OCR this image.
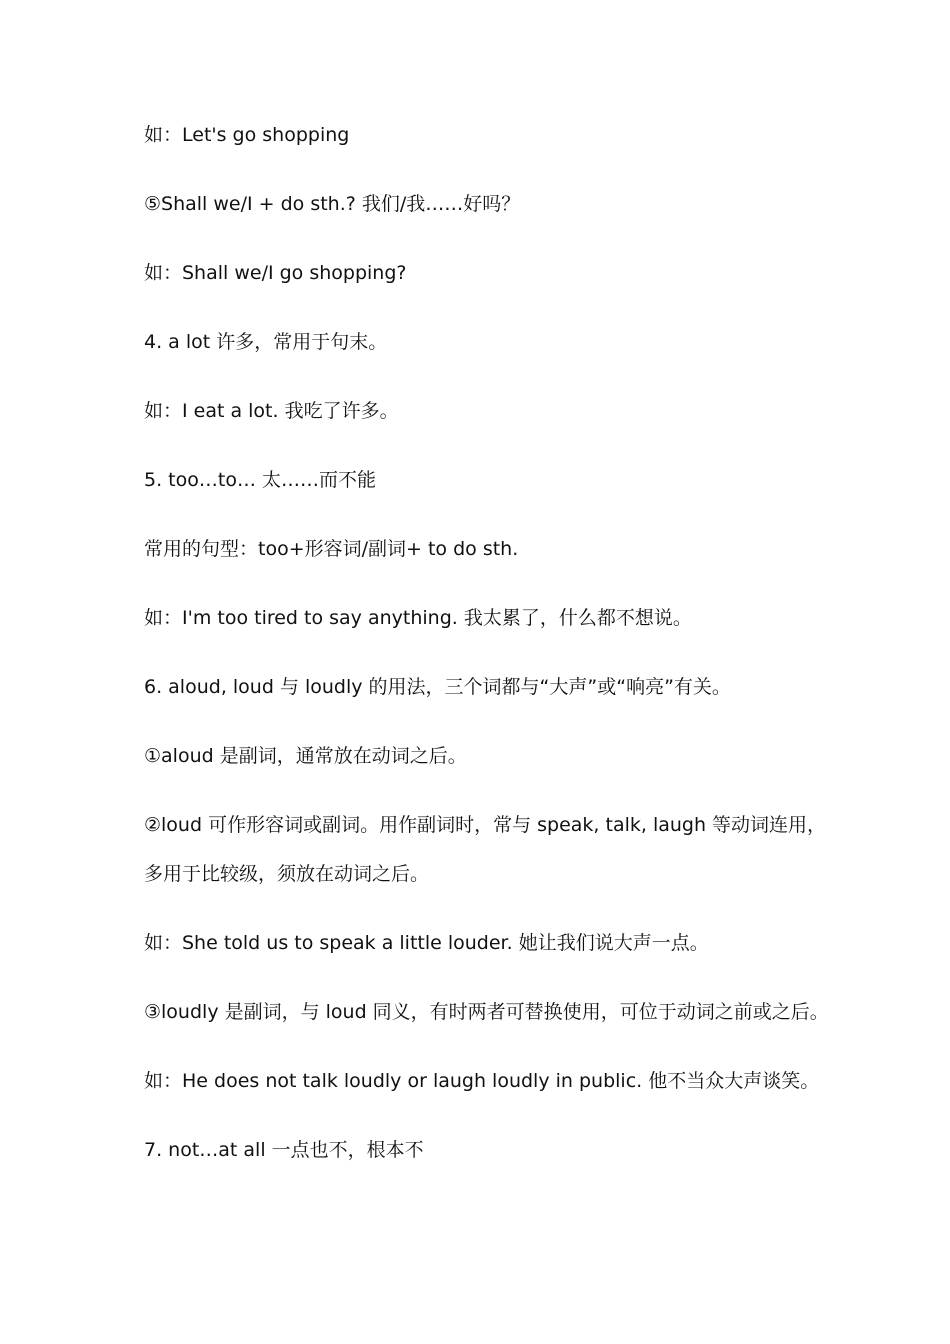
如：Let's go shopping
⑤Shall we/I + do sth.? 我们/我……好吗？
如：Shall we/I go shopping?
4. a lot 许多，常用于句末。
如：I eat a lot. 我吃了许多。
5. too…to… 太……而不能
常用的句型：too+形容词/副词+ to do sth.
如：I'm too tired to say anything. 我太累了，什么都不想说。
6. aloud, loud 与 loudly 的用法，三个词都与“大声”或“响亮”有关。
①aloud 是副词，通常放在动词之后。
②loud 可作形容词或副词。用作副词时，常与 speak, talk, laugh 等动词连用，
多用于比较级，须放在动词之后。
如：She told us to speak a little louder. 她让我们说大声一点。
③loudly 是副词，与 loud 同义，有时两者可替换使用，可位于动词之前或之后。
如：He does not talk loudly or laugh loudly in public. 他不当众大声谈笑。
7. not…at all 一点也不，根本不
